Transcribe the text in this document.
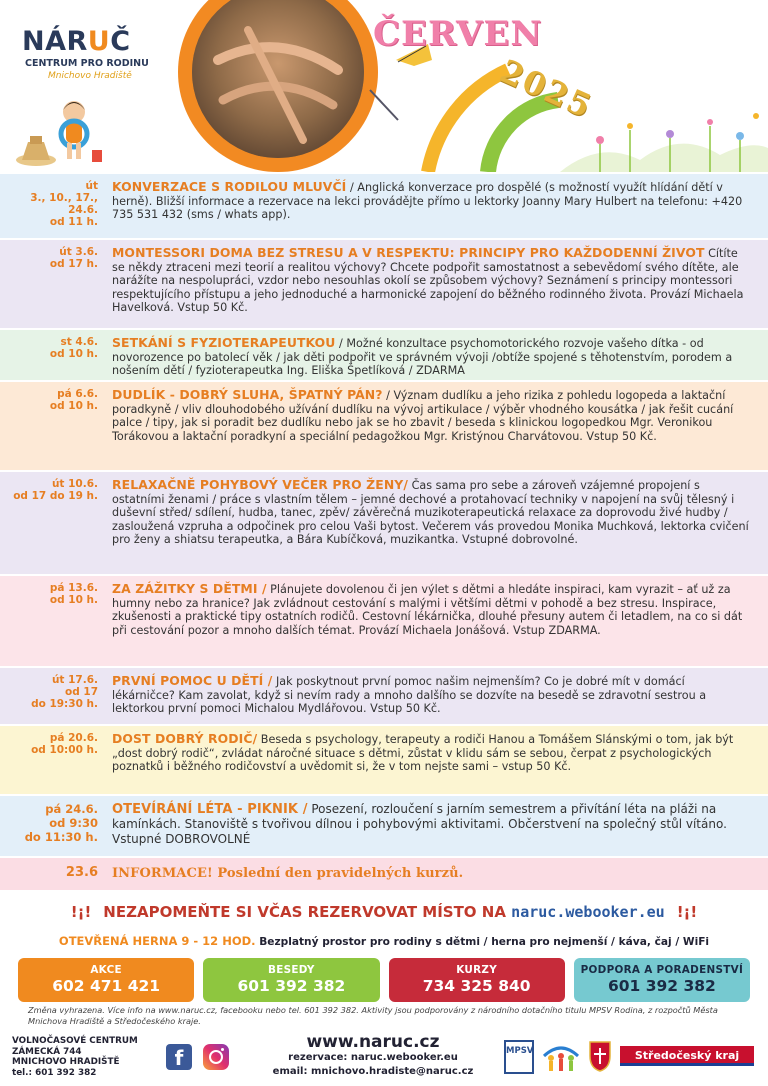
NÁRUČ
CENTRUM PRO RODINU
Mnichovo Hradiště
ČERVEN
2025
út
3., 10., 17.,
24.6.
od 11 h.
KONVERZACE S RODILOU MLUVČÍ / Anglická konverzace pro dospělé (s možností využít hlídání dětí v herně). Bližší informace a rezervace na lekci provádějte přímo u lektorky Joanny Mary Hulbert na telefonu: +420 735 531 432 (sms / whats app).
út 3.6.
od 17 h.
MONTESSORI DOMA BEZ STRESU A V RESPEKTU: PRINCIPY PRO KAŽDODENNÍ ŽIVOT Cítíte se někdy ztraceni mezi teorií a realitou výchovy? Chcete podpořit samostatnost a sebevědomí svého dítěte, ale narážíte na nespolupráci, vzdor nebo nesouhlas okolí se způsobem výchovy? Seznámení s principy montessori respektujícího přístupu a jeho jednoduché a harmonické zapojení do běžného rodinného života. Provází Michaela Havelková. Vstup 50 Kč.
st 4.6.
od 10 h.
SETKÁNÍ S FYZIOTERAPEUTKOU / Možné konzultace psychomotorického rozvoje vašeho dítka - od novorozence po batolecí věk / jak děti podpořit ve správném vývoji /obtíže spojené s těhotenstvím, porodem a nošením dětí / fyzioterapeutka Ing. Eliška Špetlíková / ZDARMA
pá 6.6.
od 10 h.
DUDLÍK - DOBRÝ SLUHA, ŠPATNÝ PÁN? / Význam dudlíku a jeho rizika z pohledu logopeda a laktační poradkyně / vliv dlouhodobého užívání dudlíku na vývoj artikulace / výběr vhodného kousátka / jak řešit cucání palce / tipy, jak si poradit bez dudlíku nebo jak se ho zbavit / beseda s klinickou logopedkou Mgr. Veronikou Torákovou a laktační poradkyní a speciální pedagožkou Mgr. Kristýnou Charvátovou. Vstup 50 Kč.
út 10.6.
od 17 do 19 h.
RELAXAČNĚ POHYBOVÝ VEČER PRO ŽENY/ Čas sama pro sebe a zároveň vzájemné propojení s ostatními ženami / práce s vlastním tělem – jemné dechové a protahovací techniky v napojení na svůj tělesný i duševní střed/ sdílení, hudba, tanec, zpěv/ závěrečná muzikoterapeutická relaxace za doprovodu živé hudby / zasloužená vzpruha a odpočinek pro celou Vaši bytost. Večerem vás provedou Monika Muchková, lektorka cvičení pro ženy a shiatsu terapeutka, a Bára Kubíčková, muzikantka. Vstupné dobrovolné.
pá 13.6.
od 10 h.
ZA ZÁŽITKY S DĚTMI / Plánujete dovolenou či jen výlet s dětmi a hledáte inspiraci, kam vyrazit – ať už za humny nebo za hranice? Jak zvládnout cestování s malými i většími dětmi v pohodě a bez stresu. Inspirace, zkušenosti a praktické tipy ostatních rodičů. Cestovní lékárnička, dlouhé přesuny autem či letadlem, na co si dát při cestování pozor a mnoho dalších témat. Provází Michaela Jonášová. Vstup ZDARMA.
út 17.6.
od 17
do 19:30 h.
PRVNÍ POMOC U DĚTÍ / Jak poskytnout první pomoc našim nejmenším? Co je dobré mít v domácí lékárničce? Kam zavolat, když si nevím rady a mnoho dalšího se dozvíte na besedě se zdravotní sestrou a lektorkou první pomoci Michalou Mydlářovou. Vstup 50 Kč.
pá 20.6.
od 10:00 h.
DOST DOBRÝ RODIČ/ Beseda s psychology, terapeuty a rodiči Hanou a Tomášem Slánskými o tom, jak být „dost dobrý rodič“, zvládat náročné situace s dětmi, zůstat v klidu sám se sebou, čerpat z psychologických poznatků i běžného rodičovství a uvědomit si, že v tom nejste sami – vstup 50 Kč.
pá 24.6.
od 9:30
do 11:30 h.
OTEVÍRÁNÍ LÉTA - PIKNIK / Posezení, rozloučení s jarním semestrem a přivítání léta na pláži na kamínkách. Stanoviště s tvořivou dílnou i pohybovými aktivitami. Občerstvení na společný stůl vítáno. Vstupné DOBROVOLNÉ
23.6	INFORMACE! Poslední den pravidelných kurzů.
!¡! NEZAPOMEŇTE SI VČAS REZERVOVAT MÍSTO NA naruc.webooker.eu !¡!
OTEVŘENÁ HERNA 9 - 12 HOD. Bezplatný prostor pro rodiny s dětmi / herna pro nejmenší / káva, čaj / WiFi
AKCE
602 471 421
BESEDY
601 392 382
KURZY
734 325 840
PODPORA A PORADENSTVÍ
601 392 382
Změna vyhrazena. Více info na www.naruc.cz, facebooku nebo tel. 601 392 382. Aktivity jsou podporovány z národního dotačního titulu MPSV Rodina, z rozpočtů Města Mnichova Hradiště a Středočeského kraje.
VOLNOČASOVÉ CENTRUM
ZÁMECKÁ 744
MNICHOVO HRADIŠTĚ
tel.: 601 392 382
f
www.naruc.cz
rezervace: naruc.webooker.eu
email: mnichovo.hradiste@naruc.cz
MPSV	Středočeský kraj
